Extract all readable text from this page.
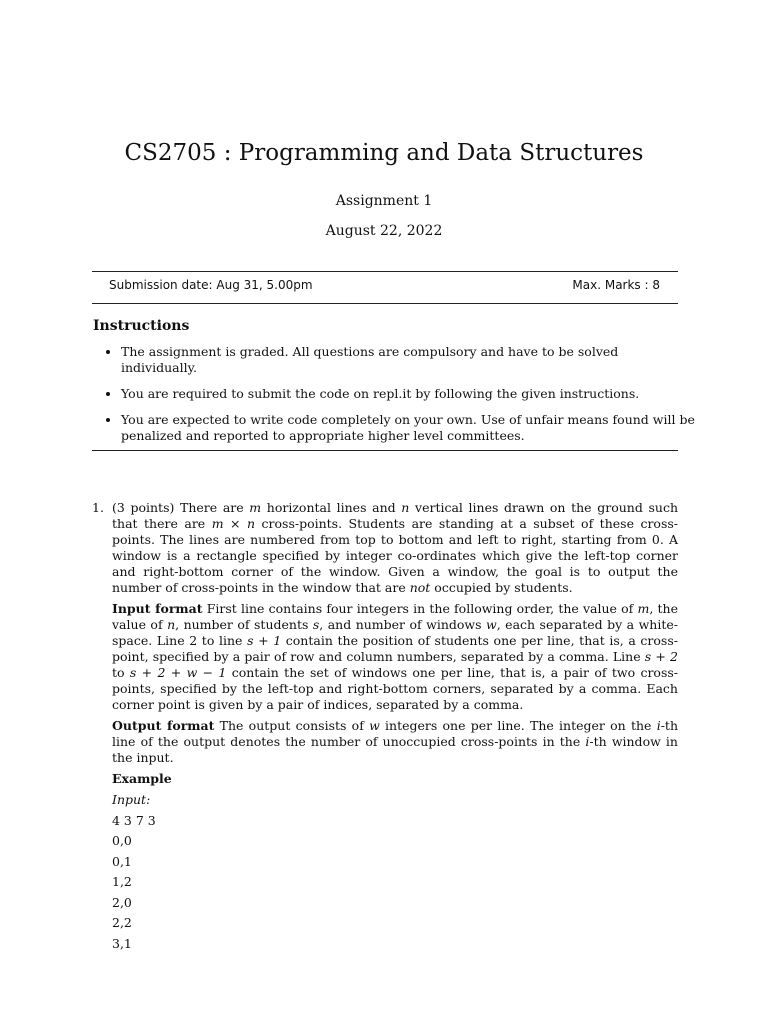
CS2705 : Programming and Data Structures
Assignment 1
August 22, 2022
Submission date: Aug 31, 5.00pm	Max. Marks : 8
Instructions
• The assignment is graded. All questions are compulsory and have to be solved individually.
• You are required to submit the code on repl.it by following the given instructions.
• You are expected to write code completely on your own. Use of unfair means found will be penalized and reported to appropriate higher level committees.
1. (3 points) There are m horizontal lines and n vertical lines drawn on the ground such that there are m × n cross-points. Students are standing at a subset of these cross-points. The lines are numbered from top to bottom and left to right, starting from 0. A window is a rectangle specified by integer co-ordinates which give the left-top corner and right-bottom corner of the window. Given a window, the goal is to output the number of cross-points in the window that are not occupied by students.

Input format First line contains four integers in the following order, the value of m, the value of n, number of students s, and number of windows w, each separated by a white-space. Line 2 to line s + 1 contain the position of students one per line, that is, a cross-point, specified by a pair of row and column numbers, separated by a comma. Line s + 2 to s + 2 + w − 1 contain the set of windows one per line, that is, a pair of two cross-points, specified by the left-top and right-bottom corners, separated by a comma. Each corner point is given by a pair of indices, separated by a comma.

Output format The output consists of w integers one per line. The integer on the i-th line of the output denotes the number of unoccupied cross-points in the i-th window in the input.

Example
Input:
4 3 7 3
0,0
0,1
1,2
2,0
2,2
3,1
